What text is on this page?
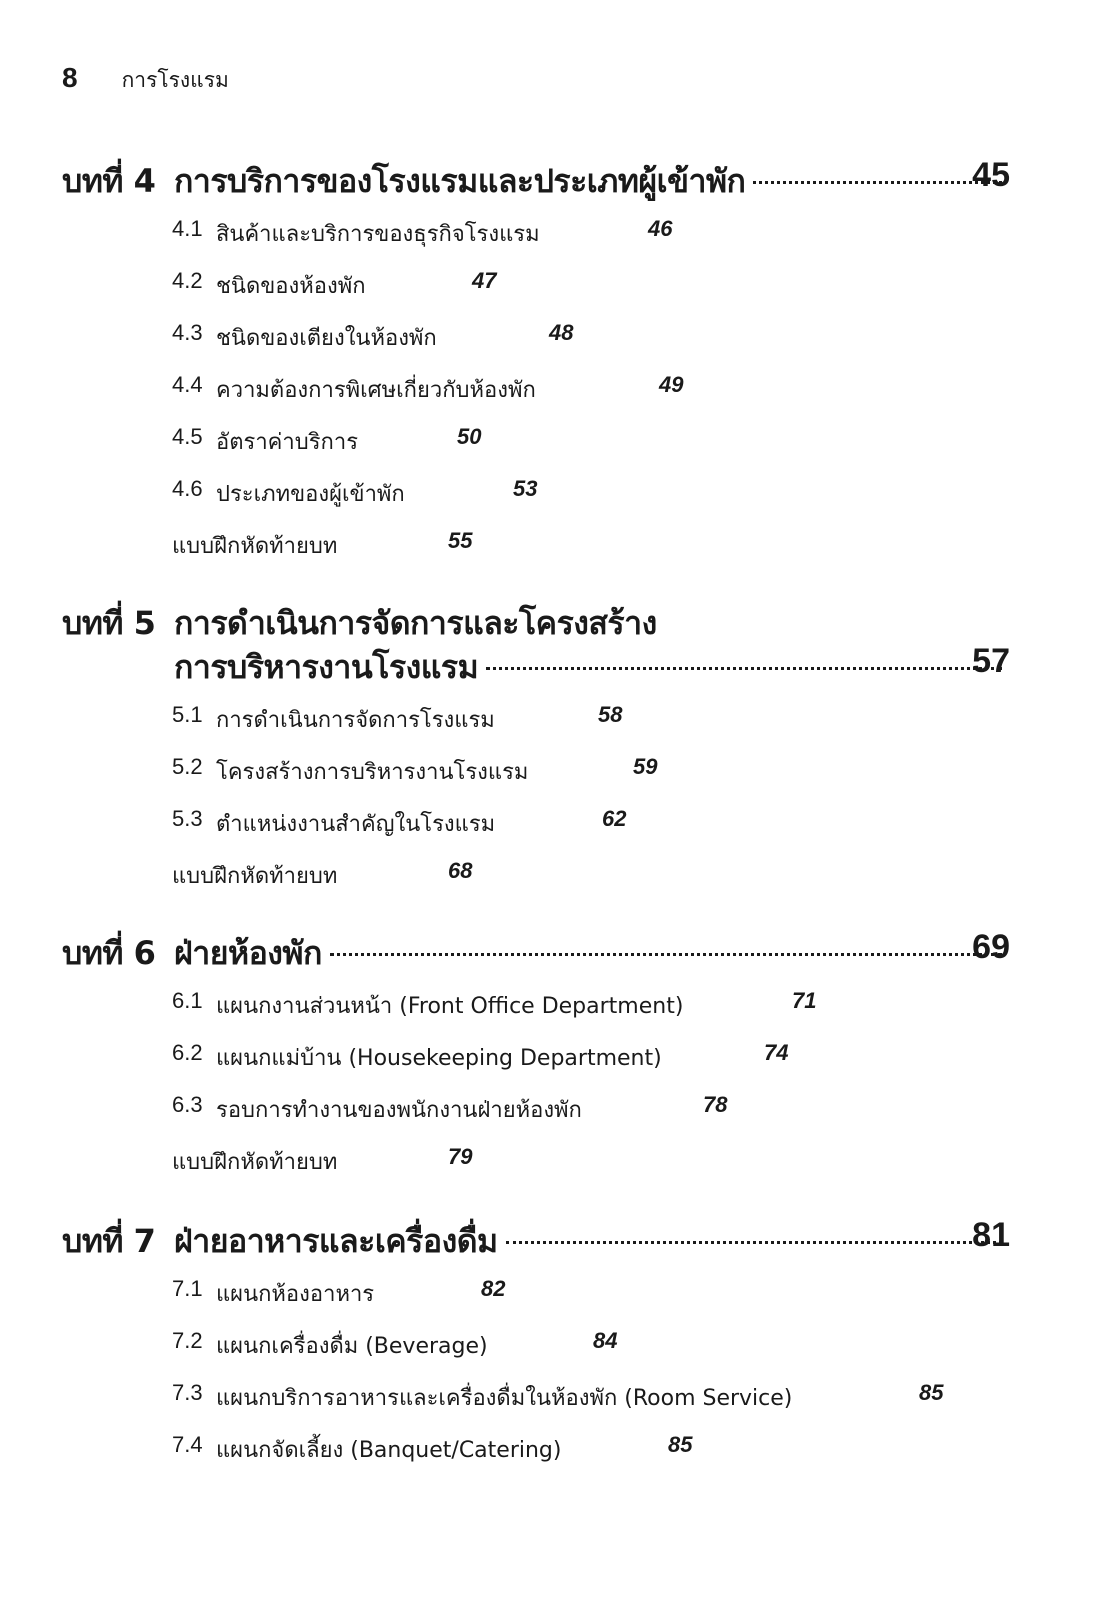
8 การโรงแรม
บทที่ 4 การบริการของโรงแรมและประเภทผู้เข้าพัก	45
4.1 สินค้าและบริการของธุรกิจโรงแรม	46
4.2 ชนิดของห้องพัก	47
4.3 ชนิดของเตียงในห้องพัก	48
4.4 ความต้องการพิเศษเกี่ยวกับห้องพัก	49
4.5 อัตราค่าบริการ	50
4.6 ประเภทของผู้เข้าพัก	53
แบบฝึกหัดท้ายบท	55
บทที่ 5 การดำเนินการจัดการและโครงสร้าง
การบริหารงานโรงแรม	57
5.1 การดำเนินการจัดการโรงแรม	58
5.2 โครงสร้างการบริหารงานโรงแรม	59
5.3 ตำแหน่งงานสำคัญในโรงแรม	62
แบบฝึกหัดท้ายบท	68
บทที่ 6 ฝ่ายห้องพัก	69
6.1 แผนกงานส่วนหน้า (Front Office Department)	71
6.2 แผนกแม่บ้าน (Housekeeping Department)	74
6.3 รอบการทำงานของพนักงานฝ่ายห้องพัก	78
แบบฝึกหัดท้ายบท	79
บทที่ 7 ฝ่ายอาหารและเครื่องดื่ม	81
7.1 แผนกห้องอาหาร	82
7.2 แผนกเครื่องดื่ม (Beverage)	84
7.3 แผนกบริการอาหารและเครื่องดื่มในห้องพัก (Room Service)	85
7.4 แผนกจัดเลี้ยง (Banquet/Catering)	85
